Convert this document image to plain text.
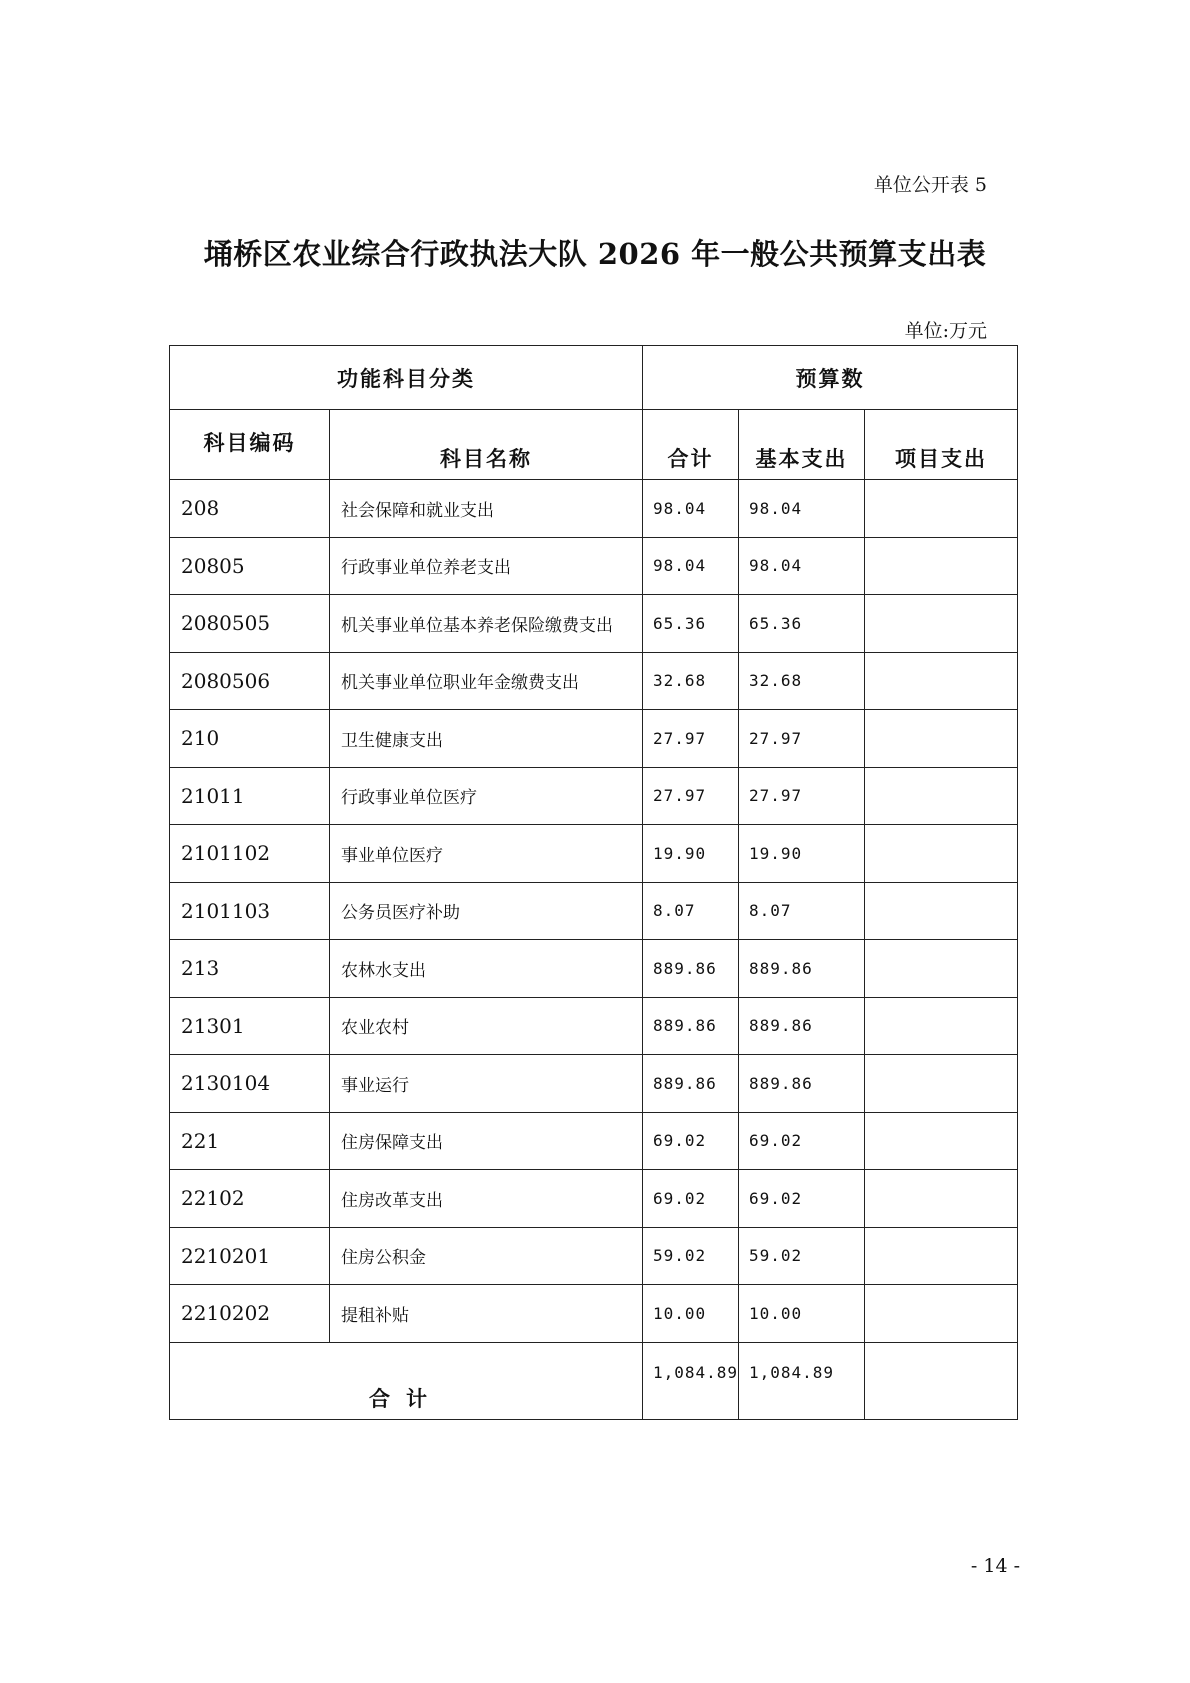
单位公开表 5
埇桥区农业综合行政执法大队 2026 年一般公共预算支出表
单位:万元
功能科目分类		预算数		
科目编码	科目名称	合计	基本支出	项目支出
208	社会保障和就业支出	98.04	98.04	
20805	行政事业单位养老支出	98.04	98.04	
2080505	机关事业单位基本养老保险缴费支出	65.36	65.36	
2080506	机关事业单位职业年金缴费支出	32.68	32.68	
210	卫生健康支出	27.97	27.97	
21011	行政事业单位医疗	27.97	27.97	
2101102	事业单位医疗	19.90	19.90	
2101103	公务员医疗补助	8.07	8.07	
213	农林水支出	889.86	889.86	
21301	农业农村	889.86	889.86	
2130104	事业运行	889.86	889.86	
221	住房保障支出	69.02	69.02	
22102	住房改革支出	69.02	69.02	
2210201	住房公积金	59.02	59.02	
2210202	提租补贴	10.00	10.00	
合计		1,084.89	1,084.89	
- 14 -
